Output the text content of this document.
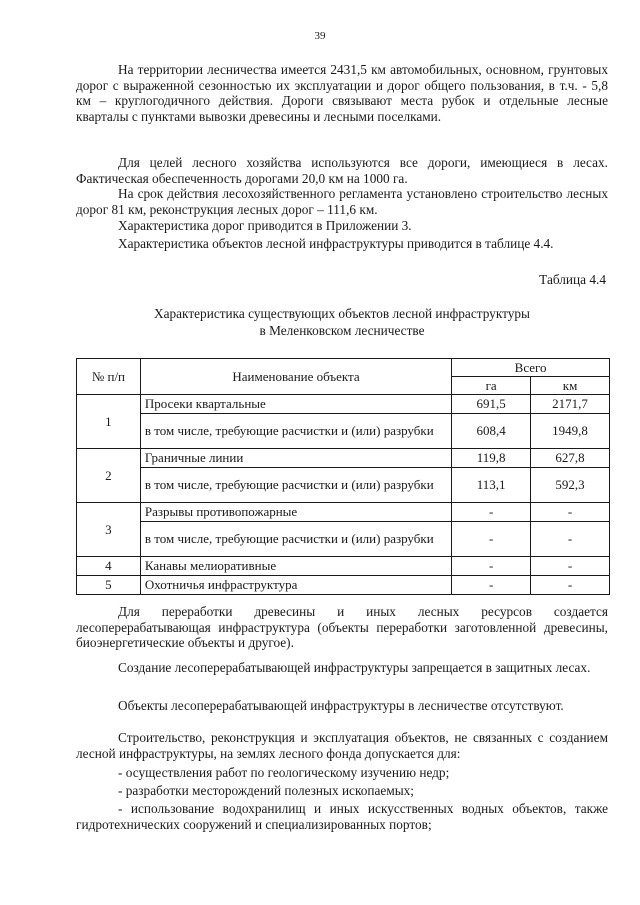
39

На территории лесничества имеется 2431,5 км автомобильных, основном, грунтовых дорог с выраженной сезонностью их эксплуатации и дорог общего пользования, в т.ч. - 5,8 км – круглогодичного действия. Дороги связывают места рубок и отдельные лесные кварталы с пунктами вывозки древесины и лесными поселками.

Для целей лесного хозяйства используются все дороги, имеющиеся в лесах. Фактическая обеспеченность дорогами 20,0 км на 1000 га.

На срок действия лесохозяйственного регламента установлено строительство лесных дорог 81 км, реконструкция лесных дорог – 111,6 км.

Характеристика дорог приводится в Приложении 3.

Характеристика объектов лесной инфраструктуры приводится в таблице 4.4.

Таблица 4.4
Характеристика существующих объектов лесной инфраструктуры
в Меленковском лесничестве
№ п/п	Наименование объекта	Всего	
		га	км
1	Просеки квартальные	691,5	2171,7
	в том числе, требующие расчистки и (или) разрубки	608,4	1949,8
2	Граничные линии	119,8	627,8
	в том числе, требующие расчистки и (или) разрубки	113,1	592,3
3	Разрывы противопожарные	-	-
	в том числе, требующие расчистки и (или) разрубки	-	-
4	Канавы мелиоративные	-	-
5	Охотничья инфраструктура	-	-

Для переработки древесины и иных лесных ресурсов создается лесоперерабатывающая инфраструктура (объекты переработки заготовленной древесины, биоэнергетические объекты и другое).

Создание лесоперерабатывающей инфраструктуры запрещается в защитных лесах.

Объекты лесоперерабатывающей инфраструктуры в лесничестве отсутствуют.

Строительство, реконструкция и эксплуатация объектов, не связанных с созданием лесной инфраструктуры, на землях лесного фонда допускается для:

- осуществления работ по геологическому изучению недр;

- разработки месторождений полезных ископаемых;

- использование водохранилищ и иных искусственных водных объектов, также гидротехнических сооружений и специализированных портов;
